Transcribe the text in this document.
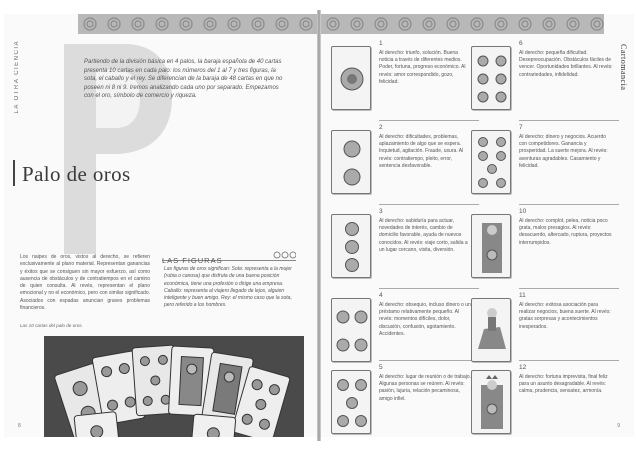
LA OTRA CIENCIA	Partiendo de la división básica en 4 palos, la baraja española de 40 cartas presenta 10 cartas en cada palo: los números del 1 al 7 y tres figuras, la sota, el caballo y el rey. Se diferencian de la baraja de 48 cartas en que no poseen ni 8 ni 9. Iremos analizando cada uno por separado. Empezamos con el oro, símbolo de comercio y riqueza.
Palo de oros
Los naipes de oros, vistos al derecho, se refieren exclusivamente al plano material. Representan ganancias y éxitos que se consiguen sin mayor esfuerzo, así como ausencia de obstáculos y de contratiempos en el camino de quien consulta. Al revés, representan el plano emocional y no el económico, pero con similar significado. Asociados con espadas anuncian graves problemas financieros.
Las 10 cartas del palo de oros.
LAS FIGURAS
Las figuras de oros significan: Sota: representa a la mujer (rubia o canosa) que disfruta de una buena posición económica, tiene una profesión o dirige una empresa. Caballo: representa al viajero llegado de lejos, alguien inteligente y buen amigo. Rey: el mismo caso que la sota, pero referido a los hombres.
8
Cartomancia
1
Al derecho: triunfo, solución. Buena noticia a través de diferentes medios. Poder, fortuna, progreso económico. Al revés: amor correspondido, gozo, felicidad.
2
Al derecho: dificultades, problemas, aplazamiento de algo que se espera. Inquietud, agitación. Fraude, usura. Al revés: contratiempo, pleito, error, sentencia desfavorable.
3
Al derecho: sabiduría para actuar, novedades de interés, cambio de domicilio favorable, ayuda de nuevos conocidos. Al revés: viaje corto, salida a un lugar cercano, visita, diversión.
4
Al derecho: obsequio, incluso dinero o un préstamo relativamente pequeño. Al revés: momentos difíciles, dolor, discusión, confusión, agotamiento. Accidentes.
5
Al derecho: lugar de reunión o de trabajo. Algunas personas se reúnen. Al revés: pasión, lujuria, relación pecaminosa, amigo infiel.
6
Al derecho: pequeña dificultad. Desepreocupación. Obstáculos fáciles de vencer. Oportunidades brillantes. Al revés: contrariedades, infidelidad.
7
Al derecho: dinero y negocios. Acuerdo con competidores. Ganancia y prosperidad. La suerte mejora. Al revés: aventuras agradables. Casamiento y felicidad.
10
Al derecho: complot, pelea, noticia poco grata, malos presagios. Al revés: desacuerdo, altercado, ruptura, proyectos interrumpidos.
11
Al derecho: exitosa asociación para realizar negocios, buena suerte. Al revés: gratas sorpresas y acontecimientos inesperados.
12
Al derecho: fortuna imprevista, final feliz para un asunto desagradable. Al revés: calma, prudencia, sensatez, armonía.
9
